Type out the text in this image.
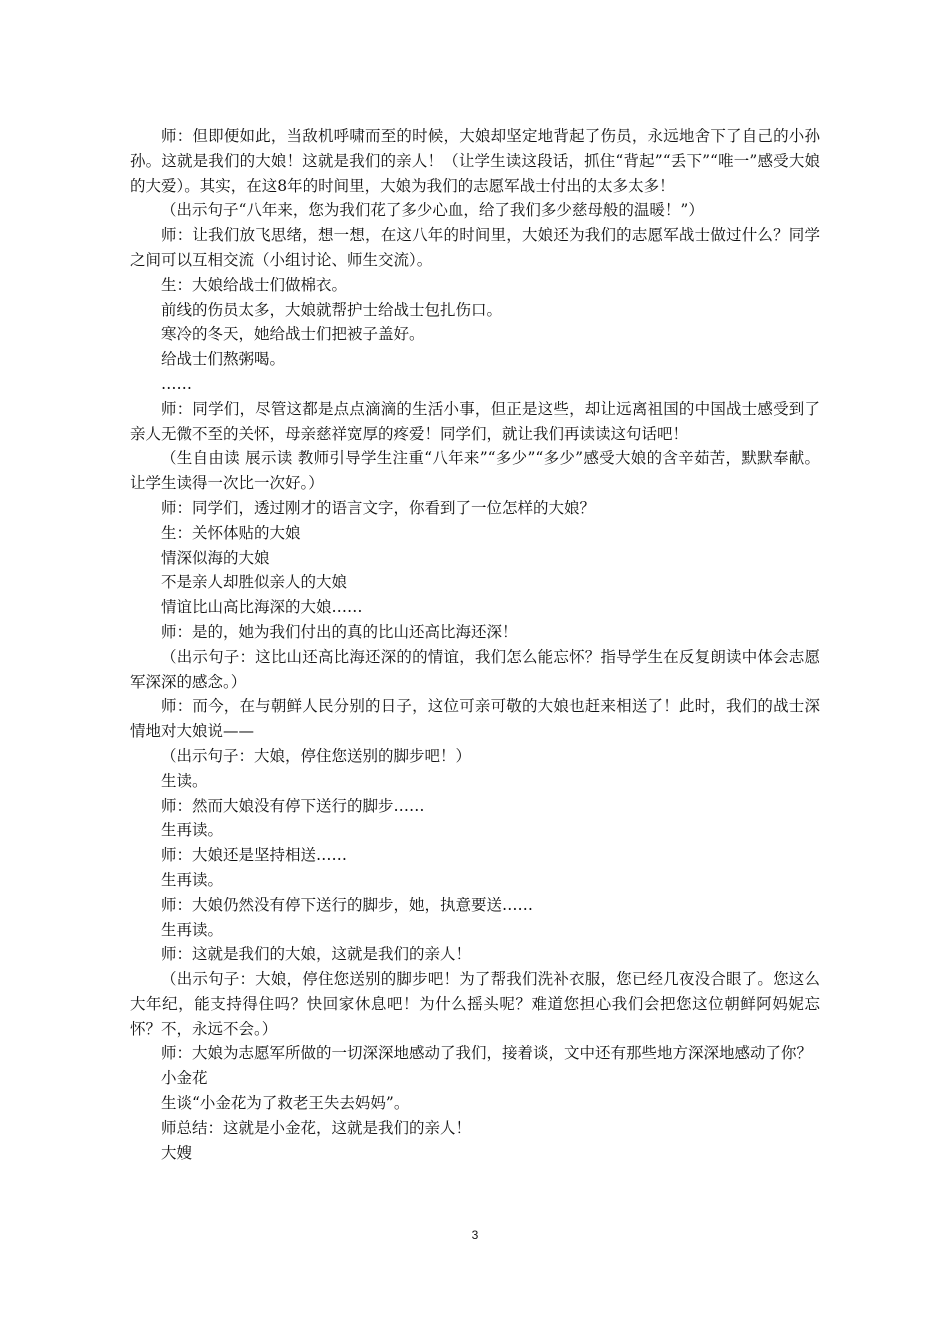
师：但即便如此，当敌机呼啸而至的时候，大娘却坚定地背起了伤员，永远地舍下了自己的小孙孙。这就是我们的大娘！这就是我们的亲人！（让学生读这段话，抓住“背起”“丢下”“唯一”感受大娘的大爱）。其实，在这8年的时间里，大娘为我们的志愿军战士付出的太多太多！

（出示句子“八年来，您为我们花了多少心血，给了我们多少慈母般的温暖！”）

师：让我们放飞思绪，想一想，在这八年的时间里，大娘还为我们的志愿军战士做过什么？同学之间可以互相交流（小组讨论、师生交流）。

生：大娘给战士们做棉衣。

前线的伤员太多，大娘就帮护士给战士包扎伤口。

寒冷的冬天，她给战士们把被子盖好。

给战士们熬粥喝。

……

师：同学们，尽管这都是点点滴滴的生活小事，但正是这些，却让远离祖国的中国战士感受到了亲人无微不至的关怀，母亲慈祥宽厚的疼爱！同学们，就让我们再读读这句话吧！

（生自由读 展示读 教师引导学生注重“八年来”“多少”“多少”感受大娘的含辛茹苦，默默奉献。让学生读得一次比一次好。）

师：同学们，透过刚才的语言文字，你看到了一位怎样的大娘？

生：关怀体贴的大娘

情深似海的大娘

不是亲人却胜似亲人的大娘

情谊比山高比海深的大娘……

师：是的，她为我们付出的真的比山还高比海还深！

（出示句子：这比山还高比海还深的的情谊，我们怎么能忘怀？指导学生在反复朗读中体会志愿军深深的感念。）

师：而今，在与朝鲜人民分别的日子，这位可亲可敬的大娘也赶来相送了！此时，我们的战士深情地对大娘说——

（出示句子：大娘，停住您送别的脚步吧！）

生读。

师：然而大娘没有停下送行的脚步……

生再读。

师：大娘还是坚持相送……

生再读。

师：大娘仍然没有停下送行的脚步，她，执意要送……

生再读。

师：这就是我们的大娘，这就是我们的亲人！

（出示句子：大娘，停住您送别的脚步吧！为了帮我们洗补衣服，您已经几夜没合眼了。您这么大年纪，能支持得住吗？快回家休息吧！为什么摇头呢？难道您担心我们会把您这位朝鲜阿妈妮忘怀？不，永远不会。）

师：大娘为志愿军所做的一切深深地感动了我们，接着谈，文中还有那些地方深深地感动了你？

小金花

生谈“小金花为了救老王失去妈妈”。

师总结：这就是小金花，这就是我们的亲人！

大嫂

3
